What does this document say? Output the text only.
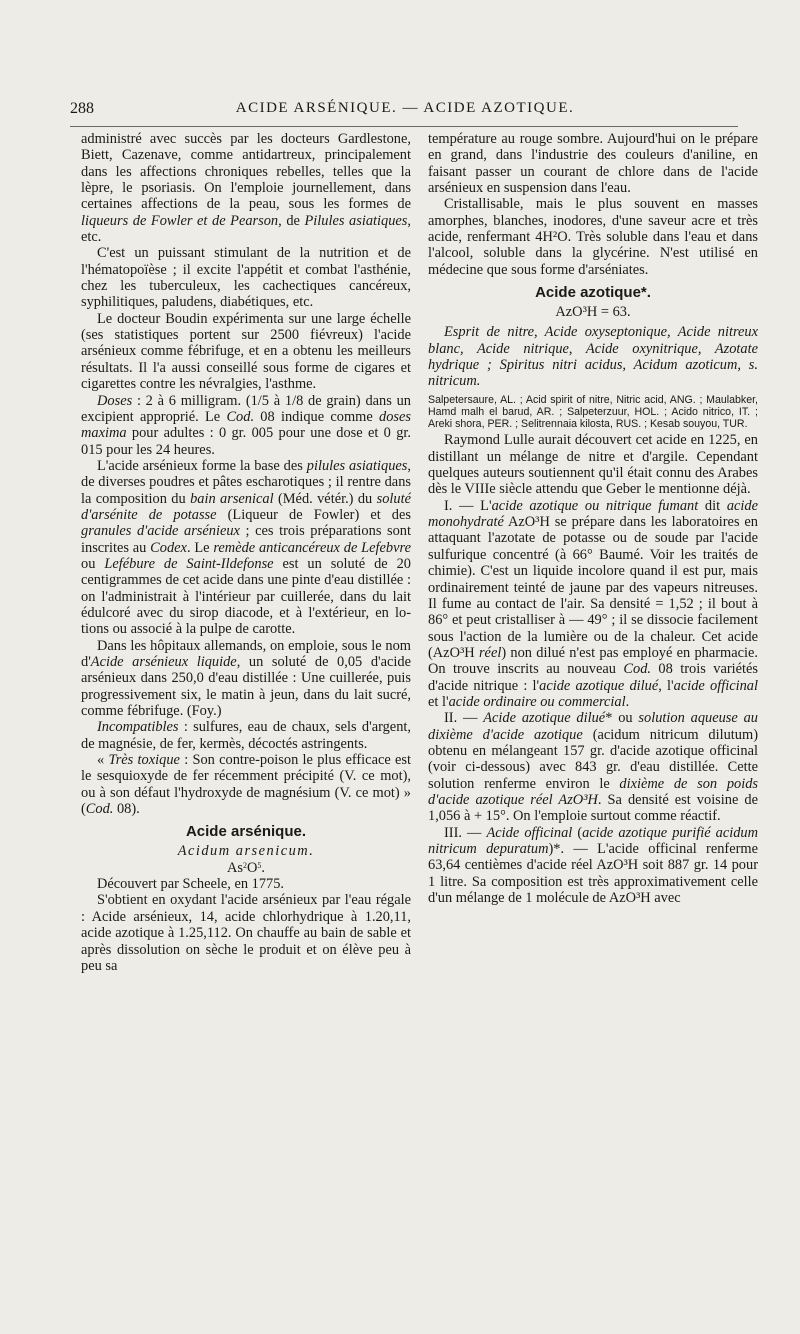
288	ACIDE ARSÉNIQUE. — ACIDE AZOTIQUE.

administré avec succès par les docteurs Gardlestone, Biett, Cazenave, comme antidartreux, principalement dans les affections chroniques rebelles, telles que la lèpre, le psoriasis. On l'emploie journellement, dans certaines affections de la peau, sous les formes de liqueurs de Fowler et de Pearson, de Pilules asiatiques, etc.

C'est un puissant stimulant de la nutrition et de l'hématopoïèse ; il excite l'appétit et combat l'asthénie, chez les tuberculeux, les cachectiques cancéreux, syphilitiques, paludens, diabétiques, etc.

Le docteur Boudin expérimenta sur une large échelle (ses statistiques portent sur 2500 fiévreux) l'acide arsénieux comme fébrifuge, et en a obtenu les meilleurs résultats. Il l'a aussi conseillé sous forme de cigares et cigarettes contre les névralgies, l'asthme.

Doses : 2 à 6 milligram. (1/5 à 1/8 de grain) dans un excipient approprié. Le Cod. 08 indique comme doses maxima pour adultes : 0 gr. 005 pour une dose et 0 gr. 015 pour les 24 heures.

L'acide arsénieux forme la base des pilules asiatiques, de diverses poudres et pâtes escharotiques ; il rentre dans la composition du bain arsenical (Méd. vétér.) du soluté d'arsénite de potasse (Liqueur de Fowler) et des granules d'acide arsénieux ; ces trois préparations sont inscrites au Codex. Le remède anticancéreux de Lefebvre ou Lefébure de Saint-Ildefonse est un soluté de 20 centigrammes de cet acide dans une pinte d'eau distillée : on l'administrait à l'intérieur par cuillerée, dans du lait édulcoré avec du sirop diacode, et à l'extérieur, en lotions ou associé à la pulpe de carotte.

Dans les hôpitaux allemands, on emploie, sous le nom d'Acide arsénieux liquide, un soluté de 0,05 d'acide arsénieux dans 250,0 d'eau distillée : Une cuillerée, puis progressivement six, le matin à jeun, dans du lait sucré, comme fébrifuge. (Foy.)

Incompatibles : sulfures, eau de chaux, sels d'argent, de magnésie, de fer, kermès, décoctés astringents.

« Très toxique : Son contre-poison le plus efficace est le sesquioxyde de fer récemment précipité (V. ce mot), ou à son défaut l'hydroxyde de magnésium (V. ce mot) » (Cod. 08).

Acide arsénique.

Acidum arsenicum.

$As^2O^5$.

Découvert par Scheele, en 1775.

S'obtient en oxydant l'acide arsénieux par l'eau régale : Acide arsénieux, 14, acide chlorhydrique à 1.20,11, acide azotique à 1.25,112. On chauffe au bain de sable et après dissolution on sèche le produit et on élève peu à peu sa

température au rouge sombre. Aujourd'hui on le prépare en grand, dans l'industrie des couleurs d'aniline, en faisant passer un courant de chlore dans de l'acide arsénieux en suspension dans l'eau.

Cristallisable, mais le plus souvent en masses amorphes, blanches, inodores, d'une saveur acre et très acide, renfermant 4H²O. Très soluble dans l'eau et dans l'alcool, soluble dans la glycérine. N'est utilisé en médecine que sous forme d'arséniates.

Acide azotique*.

AzO³H = 63.

Esprit de nitre, Acide oxyseptonique, Acide nitreux blanc, Acide nitrique, Acide oxynitrique, Azotate hydrique ; Spiritus nitri acidus, Acidum azoticum, s. nitricum.

Salpetersaure, AL. ; Acid spirit of nitre, Nitric acid, ANG. ; Maulabker, Hamd malh el barud, AR. ; Salpeterzuur, HOL. ; Acido nitrico, IT. ; Areki shora, PER. ; Selitrennaia kilosta, RUS. ; Kesab souyou, TUR.

Raymond Lulle aurait découvert cet acide en 1225, en distillant un mélange de nitre et d'argile. Cependant quelques auteurs soutiennent qu'il était connu des Arabes dès le VIIIe siècle attendu que Geber le mentionne déjà.

I. — L'acide azotique ou nitrique fumant dit acide monohydraté AzO³H se prépare dans les laboratoires en attaquant l'azotate de potasse ou de soude par l'acide sulfurique concentré (à 66° Baumé. Voir les traités de chimie). C'est un liquide incolore quand il est pur, mais ordinairement teinté de jaune par des vapeurs nitreuses. Il fume au contact de l'air. Sa densité = 1,52 ; il bout à 86° et peut cristalliser à — 49° ; il se dissocie facilement sous l'action de la lumière ou de la chaleur. Cet acide (AzO³H réel) non dilué n'est pas employé en pharmacie. On trouve inscrits au nouveau Cod. 08 trois variétés d'acide nitrique : l'acide azotique dilué, l'acide officinal et l'acide ordinaire ou commercial.

II. — Acide azotique dilué* ou solution aqueuse au dixième d'acide azotique (acidum nitricum dilutum) obtenu en mélangeant 157 gr. d'acide azotique officinal (voir ci-dessous) avec 843 gr. d'eau distillée. Cette solution renferme environ le dixième de son poids d'acide azotique réel AzO³H. Sa densité est voisine de 1,056 à + 15°. On l'emploie surtout comme réactif.

III. — Acide officinal (acide azotique purifié acidum nitricum depuratum)*. — L'acide officinal renferme 63,64 centièmes d'acide réel AzO³H soit 887 gr. 14 pour 1 litre. Sa composition est très approximativement celle d'un mélange de 1 molécule de AzO³H avec
